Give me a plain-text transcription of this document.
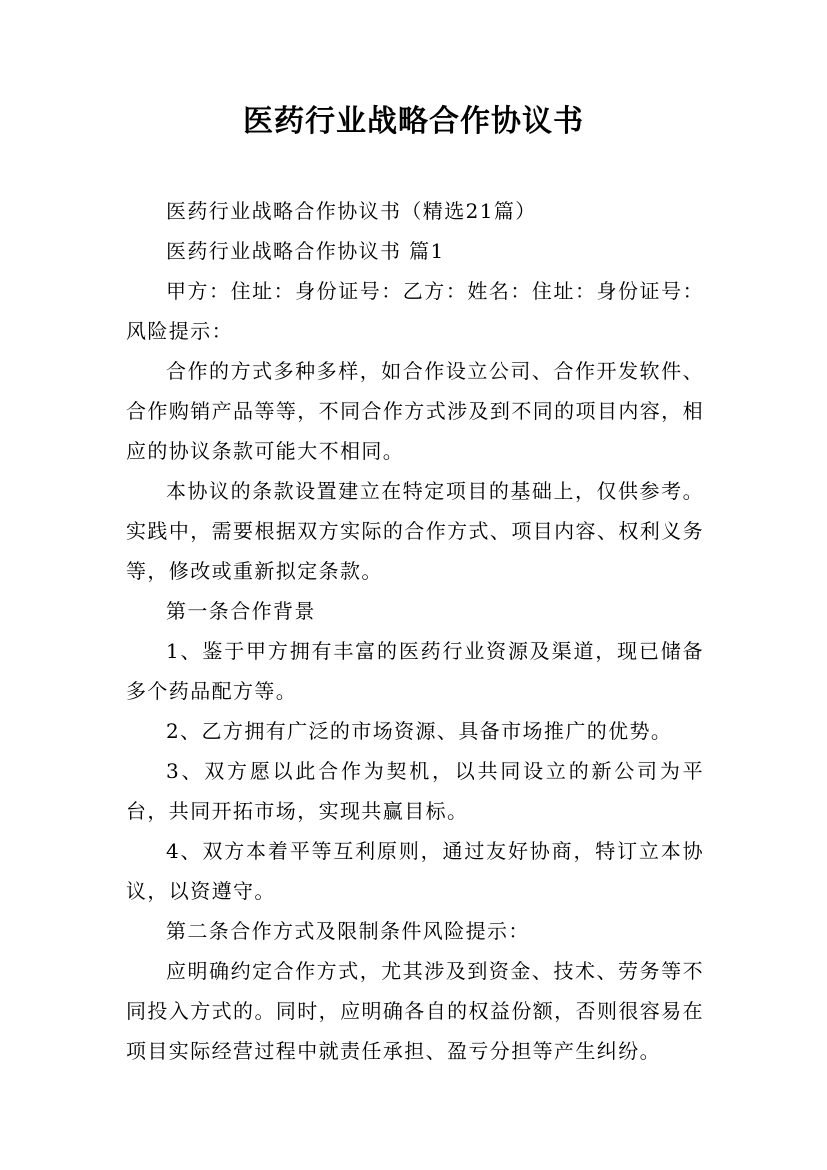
医药行业战略合作协议书

医药行业战略合作协议书（精选21篇）

医药行业战略合作协议书 篇1

甲方：住址：身份证号：乙方：姓名：住址：身份证号：风险提示：

合作的方式多种多样，如合作设立公司、合作开发软件、合作购销产品等等，不同合作方式涉及到不同的项目内容，相应的协议条款可能大不相同。

本协议的条款设置建立在特定项目的基础上，仅供参考。实践中，需要根据双方实际的合作方式、项目内容、权利义务等，修改或重新拟定条款。

第一条合作背景

1、鉴于甲方拥有丰富的医药行业资源及渠道，现已储备多个药品配方等。

2、乙方拥有广泛的市场资源、具备市场推广的优势。

3、双方愿以此合作为契机，以共同设立的新公司为平台，共同开拓市场，实现共赢目标。

4、双方本着平等互利原则，通过友好协商，特订立本协议，以资遵守。

第二条合作方式及限制条件风险提示：

应明确约定合作方式，尤其涉及到资金、技术、劳务等不同投入方式的。同时，应明确各自的权益份额，否则很容易在项目实际经营过程中就责任承担、盈亏分担等产生纠纷。
